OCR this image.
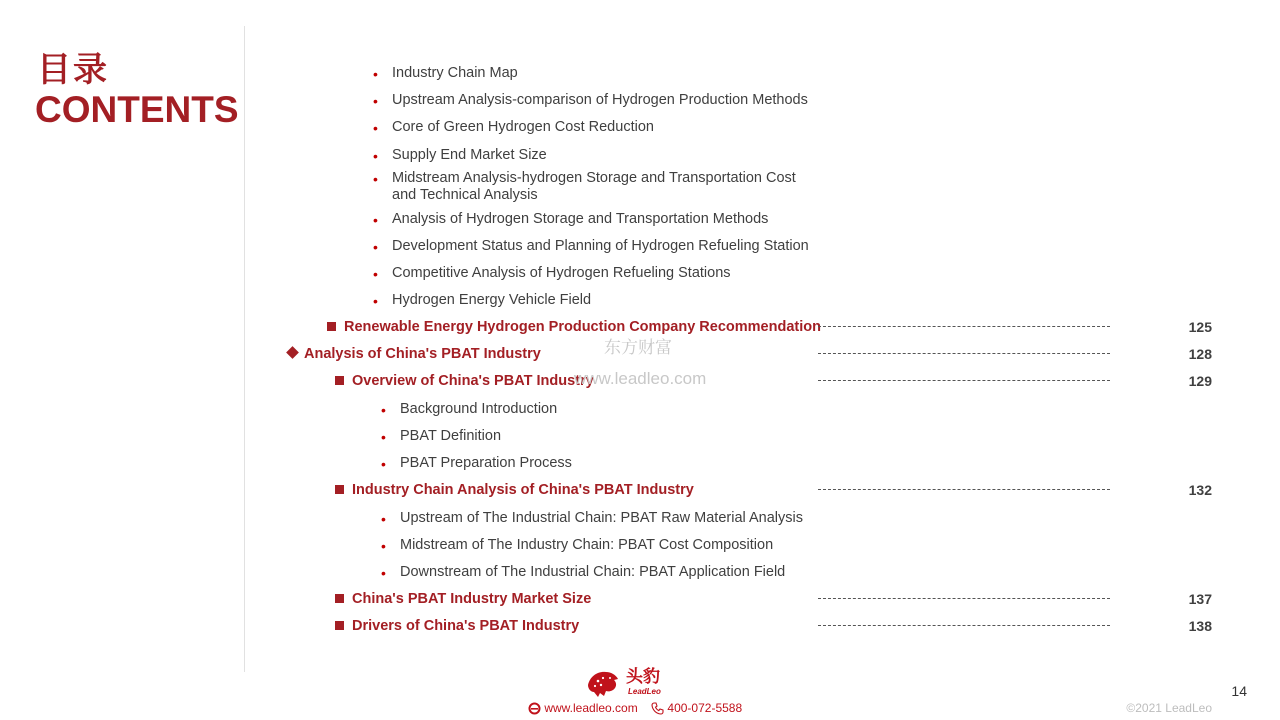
目录
CONTENTS
• Industry Chain Map
• Upstream Analysis-comparison of Hydrogen Production Methods
• Core of Green Hydrogen Cost Reduction
• Supply End Market Size
• Midstream Analysis-hydrogen Storage and Transportation Cost
and Technical Analysis
• Analysis of Hydrogen Storage and Transportation Methods
• Development Status and Planning of Hydrogen Refueling Station
• Competitive Analysis of Hydrogen Refueling Stations
• Hydrogen Energy Vehicle Field
Renewable Energy Hydrogen Production Company Recommendation	125
Analysis of China's PBAT Industry	128
Overview of China's PBAT Industry	129
• Background Introduction
• PBAT Definition
• PBAT Preparation Process
Industry Chain Analysis of China's PBAT Industry	132
• Upstream of The Industrial Chain: PBAT Raw Material Analysis
• Midstream of The Industry Chain: PBAT Cost Composition
• Downstream of The Industrial Chain: PBAT Application Field
China's PBAT Industry Market Size	137
Drivers of China's PBAT Industry	138
东方财富
www.leadleo.com
头豹
LeadLeo
www.leadleo.com 400-072-5588	©2021 LeadLeo
14
